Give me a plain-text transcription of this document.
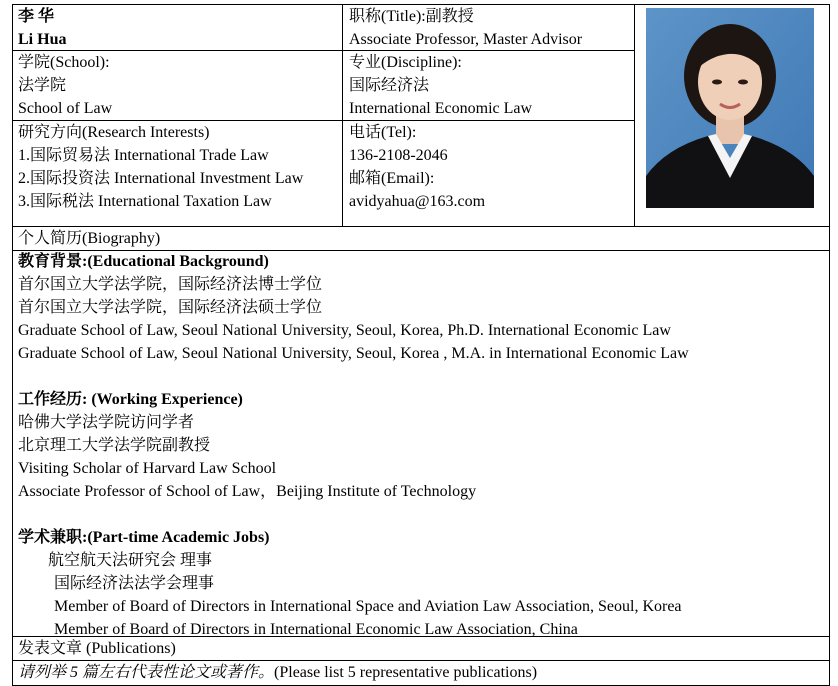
李 华
Li Hua
职称(Title):副教授
Associate Professor, Master Advisor
学院(School):
法学院
School of Law
专业(Discipline):
国际经济法
International Economic Law
研究方向(Research Interests)
1.国际贸易法 International Trade Law
2.国际投资法 International Investment Law
3.国际税法 International Taxation Law
电话(Tel):
136-2108-2046
邮箱(Email):
avidyahua@163.com
个人简历(Biography)
教育背景:(Educational Background)
首尔国立大学法学院，国际经济法博士学位
首尔国立大学法学院，国际经济法硕士学位
Graduate School of Law, Seoul National University, Seoul, Korea, Ph.D. International Economic Law
Graduate School of Law, Seoul National University, Seoul, Korea , M.A. in International Economic Law
工作经历: (Working Experience)
哈佛大学法学院访问学者
北京理工大学法学院副教授
Visiting Scholar of Harvard Law School
Associate Professor of School of Law，Beijing Institute of Technology
学术兼职:(Part-time Academic Jobs)
航空航天法研究会 理事
国际经济法法学会理事
Member of Board of Directors in International Space and Aviation Law Association, Seoul, Korea
Member of Board of Directors in International Economic Law Association, China
发表文章 (Publications)
请列举 5 篇左右代表性论文或著作。(Please list 5 representative publications)
